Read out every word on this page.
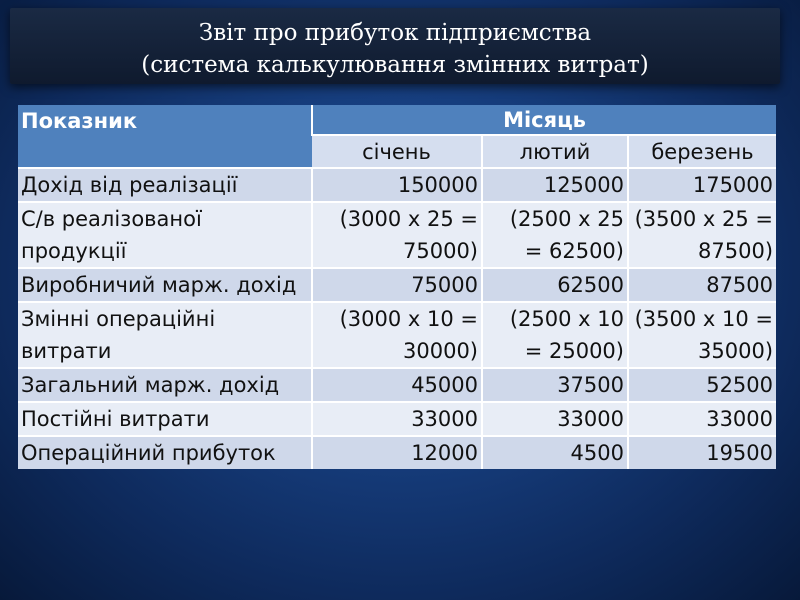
Звіт про прибуток підприємства
(система калькулювання змінних витрат)
Показник	Місяць		
	січень	лютий	березень
Дохід від реалізації	150000	125000	175000
С/в реалізованої продукції	(3000 х 25 = 75000)	(2500 х 25 = 62500)	(3500 х 25 = 87500)
Виробничий марж. дохід	75000	62500	87500
Змінні операційні витрати	(3000 х 10 = 30000)	(2500 х 10 = 25000)	(3500 х 10 = 35000)
Загальний марж. дохід	45000	37500	52500
Постійні витрати	33000	33000	33000
Операційний прибуток	12000	4500	19500
